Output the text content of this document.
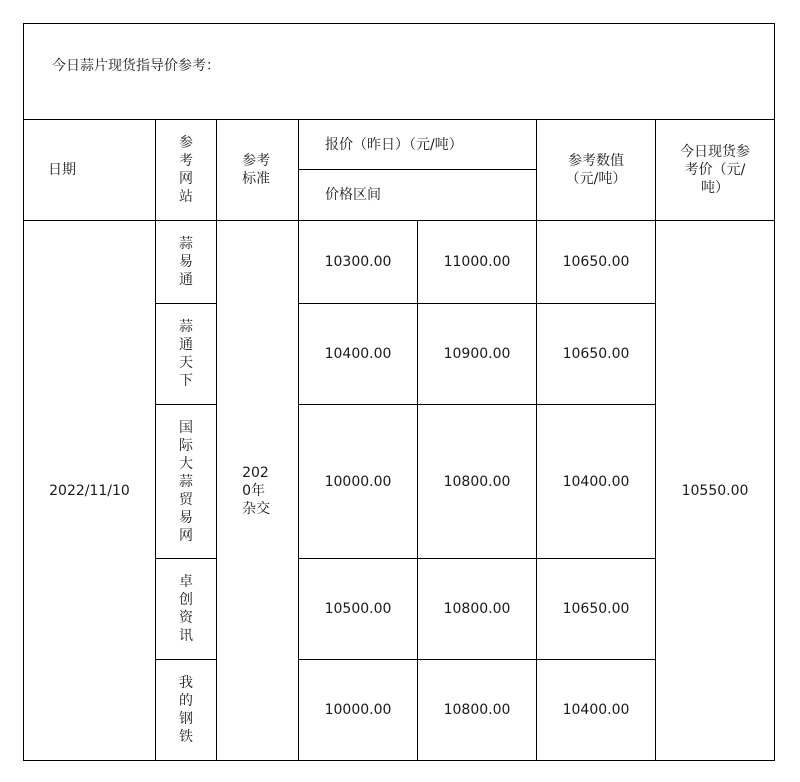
今日蒜片现货指导价参考：						
日期	参考网站	参考标准	报价（昨日）（元/吨）		参考数值（元/吨）	今日现货参考价（元/吨）
			价格区间			
2022/11/10	蒜易通	2020年杂交	10300.00	11000.00	10650.00	10550.00
	蒜通天下		10400.00	10900.00	10650.00	
	国际大蒜贸易网		10000.00	10800.00	10400.00	
	卓创资讯		10500.00	10800.00	10650.00	
	我的钢铁		10000.00	10800.00	10400.00	
